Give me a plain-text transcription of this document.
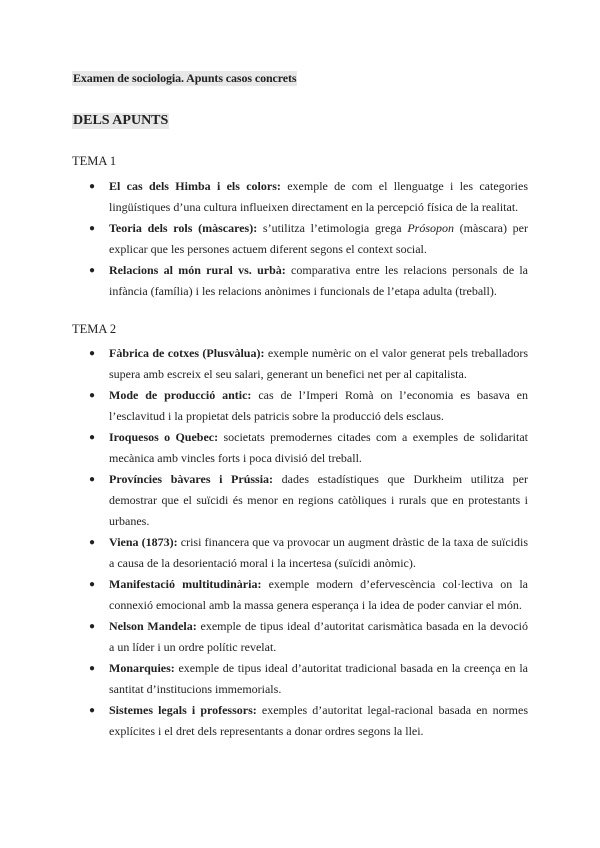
Examen de sociologia. Apunts casos concrets
DELS APUNTS
TEMA 1
● El cas dels Himba i els colors: exemple de com el llenguatge i les categories lingüístiques d’una cultura influeixen directament en la percepció física de la realitat.
● Teoria dels rols (màscares): s’utilitza l’etimologia grega Prósopon (màscara) per explicar que les persones actuem diferent segons el context social.
● Relacions al món rural vs. urbà: comparativa entre les relacions personals de la infància (família) i les relacions anònimes i funcionals de l’etapa adulta (treball).
TEMA 2
● Fàbrica de cotxes (Plusvàlua): exemple numèric on el valor generat pels treballadors supera amb escreix el seu salari, generant un benefici net per al capitalista.
● Mode de producció antic: cas de l’Imperi Romà on l’economia es basava en l’esclavitud i la propietat dels patricis sobre la producció dels esclaus.
● Iroquesos o Quebec: societats premodernes citades com a exemples de solidaritat mecànica amb vincles forts i poca divisió del treball.
● Províncies bàvares i Prússia: dades estadístiques que Durkheim utilitza per demostrar que el suïcidi és menor en regions catòliques i rurals que en protestants i urbanes.
● Viena (1873): crisi financera que va provocar un augment dràstic de la taxa de suïcidis a causa de la desorientació moral i la incertesa (suïcidi anòmic).
● Manifestació multitudinària: exemple modern d’efervescència col·lectiva on la connexió emocional amb la massa genera esperança i la idea de poder canviar el món.
● Nelson Mandela: exemple de tipus ideal d’autoritat carismàtica basada en la devoció a un líder i un ordre polític revelat.
● Monarquies: exemple de tipus ideal d’autoritat tradicional basada en la creença en la santitat d’institucions immemorials.
● Sistemes legals i professors: exemples d’autoritat legal-racional basada en normes explícites i el dret dels representants a donar ordres segons la llei.
